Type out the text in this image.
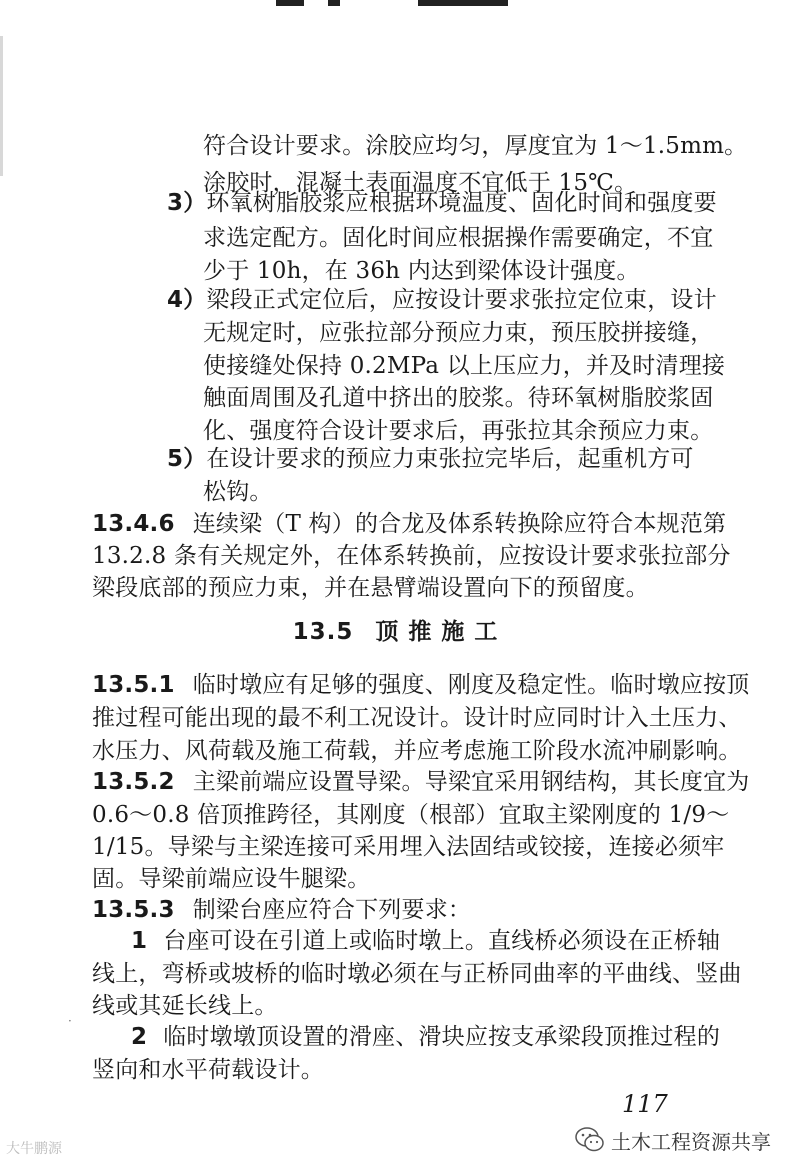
符合设计要求。涂胶应均匀，厚度宜为 1～1.5mm。
涂胶时，混凝土表面温度不宜低于 15℃。
3）环氧树脂胶浆应根据环境温度、固化时间和强度要
求选定配方。固化时间应根据操作需要确定，不宜
少于 10h，在 36h 内达到梁体设计强度。
4）梁段正式定位后，应按设计要求张拉定位束，设计
无规定时，应张拉部分预应力束，预压胶拼接缝，
使接缝处保持 0.2MPa 以上压应力，并及时清理接
触面周围及孔道中挤出的胶浆。待环氧树脂胶浆固
化、强度符合设计要求后，再张拉其余预应力束。
5）在设计要求的预应力束张拉完毕后，起重机方可
松钩。
13.4.6 连续梁（T 构）的合龙及体系转换除应符合本规范第
13.2.8 条有关规定外，在体系转换前，应按设计要求张拉部分
梁段底部的预应力束，并在悬臂端设置向下的预留度。
13.5 顶 推 施 工
13.5.1 临时墩应有足够的强度、刚度及稳定性。临时墩应按顶
推过程可能出现的最不利工况设计。设计时应同时计入土压力、
水压力、风荷载及施工荷载，并应考虑施工阶段水流冲刷影响。
13.5.2 主梁前端应设置导梁。导梁宜采用钢结构，其长度宜为
0.6～0.8 倍顶推跨径，其刚度（根部）宜取主梁刚度的 1/9～
1/15。导梁与主梁连接可采用埋入法固结或铰接，连接必须牢
固。导梁前端应设牛腿梁。
13.5.3 制梁台座应符合下列要求：
1 台座可设在引道上或临时墩上。直线桥必须设在正桥轴
线上，弯桥或坡桥的临时墩必须在与正桥同曲率的平曲线、竖曲
线或其延长线上。
2 临时墩墩顶设置的滑座、滑块应按支承梁段顶推过程的
竖向和水平荷载设计。
·
117
大牛鹏源	土木工程资源共享
